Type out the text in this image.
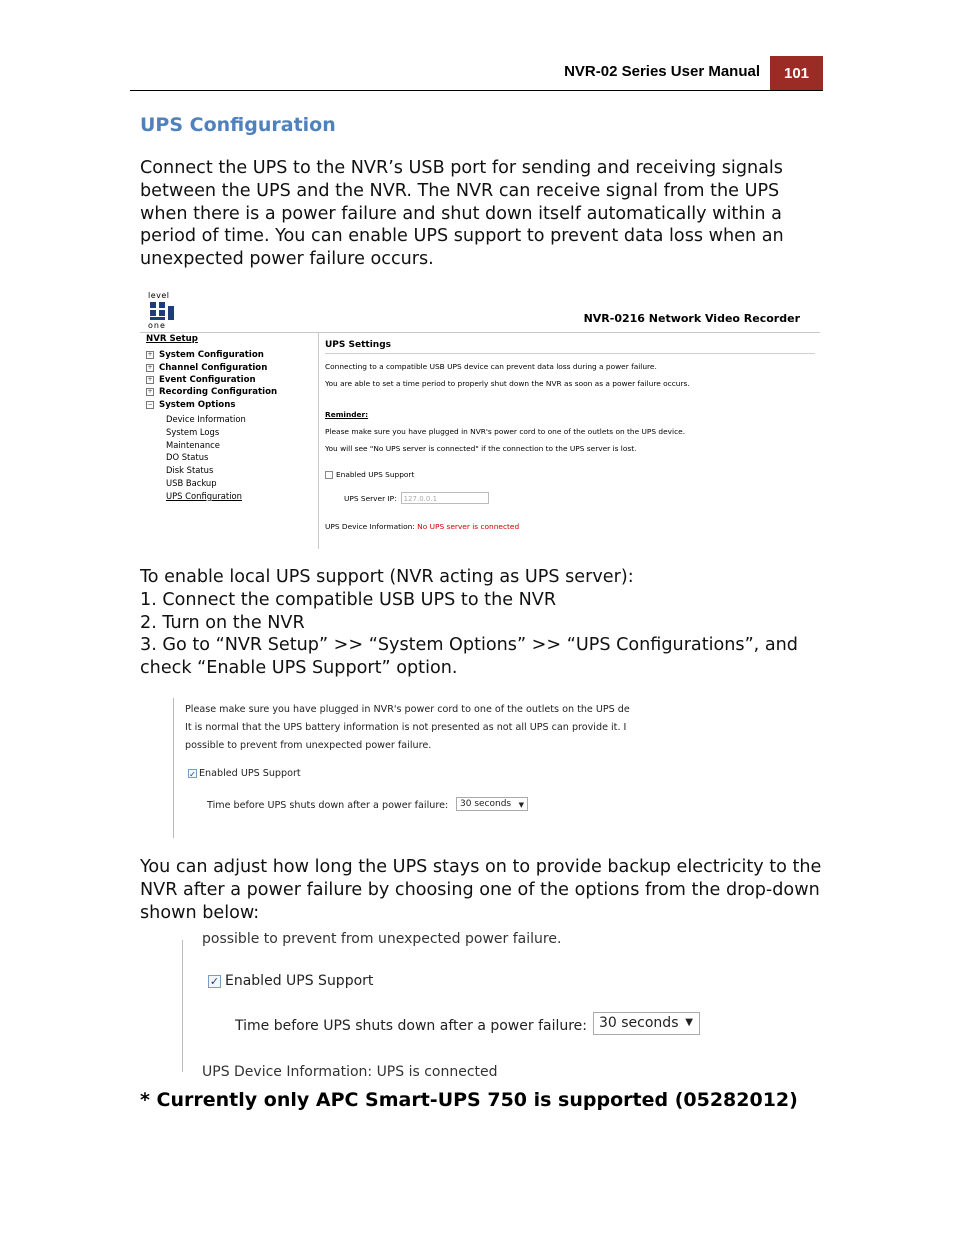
NVR-02 Series User Manual	101
UPS Configuration
Connect the UPS to the NVR’s USB port for sending and receiving signals between the UPS and the NVR. The NVR can receive signal from the UPS when there is a power failure and shut down itself automatically within a period of time. You can enable UPS support to prevent data loss when an unexpected power failure occurs.
level
one
NVR-0216 Network Video Recorder
NVR Setup
+ System Configuration
+ Channel Configuration
+ Event Configuration
+ Recording Configuration
− System Options
Device Information
System Logs
Maintenance
DO Status
Disk Status
USB Backup
UPS Configuration
UPS Settings
Connecting to a compatible USB UPS device can prevent data loss during a power failure.
You are able to set a time period to properly shut down the NVR as soon as a power failure occurs.
Reminder:
Please make sure you have plugged in NVR's power cord to one of the outlets on the UPS device.
You will see "No UPS server is connected" if the connection to the UPS server is lost.
Enabled UPS Support
UPS Server IP:	127.0.0.1
UPS Device Information: No UPS server is connected
To enable local UPS support (NVR acting as UPS server):
1. Connect the compatible USB UPS to the NVR
2. Turn on the NVR
3. Go to “NVR Setup” >> “System Options” >> “UPS Configurations”, and check “Enable UPS Support” option.
Please make sure you have plugged in NVR's power cord to one of the outlets on the UPS de
It is normal that the UPS battery information is not presented as not all UPS can provide it. I
possible to prevent from unexpected power failure.
✓ Enabled UPS Support
Time before UPS shuts down after a power failure:	30 seconds ▼
You can adjust how long the UPS stays on to provide backup electricity to the NVR after a power failure by choosing one of the options from the drop-down shown below:
possible to prevent from unexpected power failure.
✓ Enabled UPS Support
Time before UPS shuts down after a power failure: 30 seconds ▼
UPS Device Information: UPS is connected
* Currently only APC Smart-UPS 750 is supported (05282012)
